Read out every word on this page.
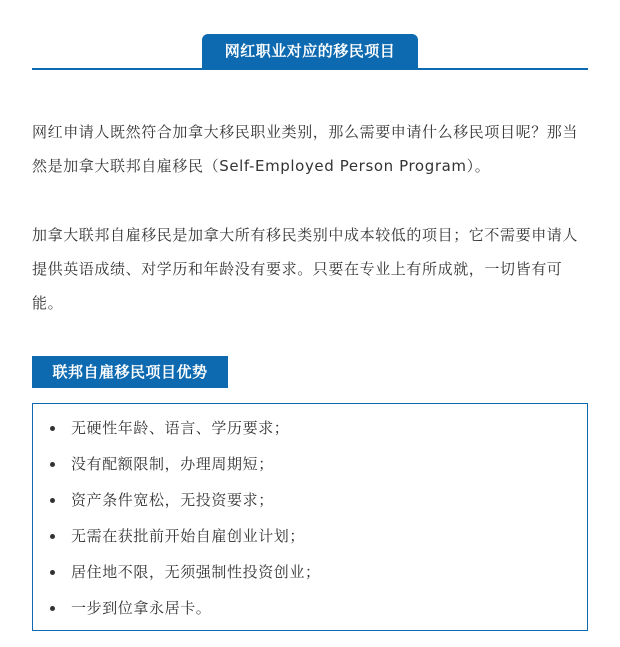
网红职业对应的移民项目

网红申请人既然符合加拿大移民职业类别，那么需要申请什么移民项目呢？那当然是加拿大联邦自雇移民（Self-Employed Person Program）。

加拿大联邦自雇移民是加拿大所有移民类别中成本较低的项目；它不需要申请人提供英语成绩、对学历和年龄没有要求。只要在专业上有所成就，一切皆有可能。

联邦自雇移民项目优势
无硬性年龄、语言、学历要求；
没有配额限制，办理周期短；
资产条件宽松，无投资要求；
无需在获批前开始自雇创业计划；
居住地不限，无须强制性投资创业；
一步到位拿永居卡。
